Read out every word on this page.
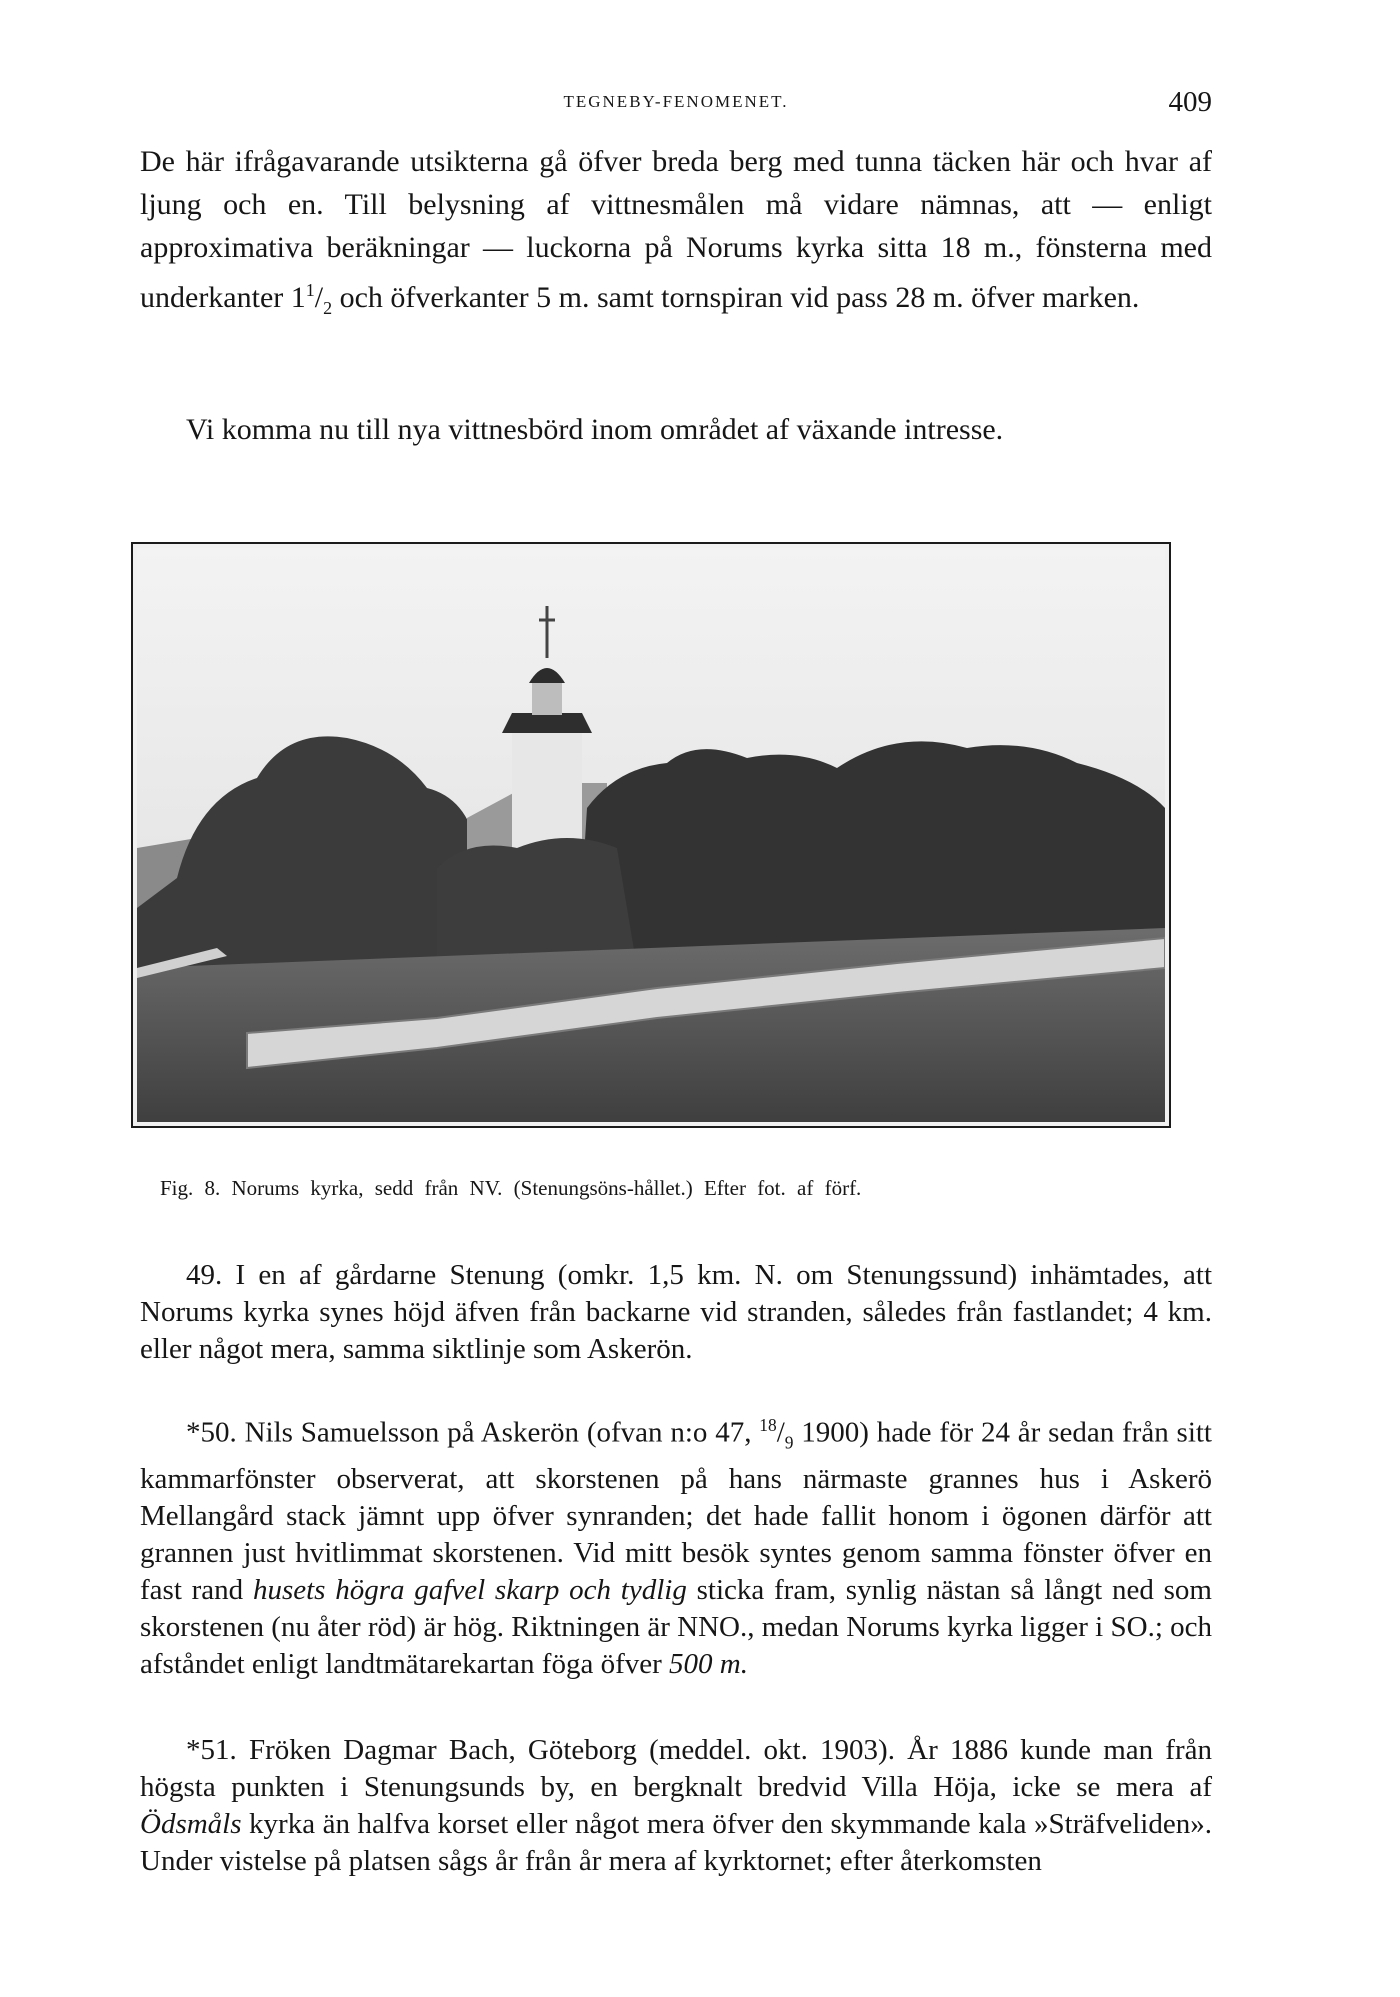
TEGNEBY-FENOMENET.	409

De här ifrågavarande utsikterna gå öfver breda berg med tunna täcken här och hvar af ljung och en. Till belysning af vittnesmålen må vidare nämnas, att — enligt approximativa beräkningar — luckorna på Norums kyrka sitta 18 m., fönsterna med underkanter $1^1/_2$ och öfverkanter 5 m. samt tornspiran vid pass 28 m. öfver marken.

Vi komma nu till nya vittnesbörd inom området af växande intresse.

Fig. 8. Norums kyrka, sedd från NV. (Stenungsöns-hållet.) Efter fot. af förf.

49. I en af gårdarne Stenung (omkr. 1,5 km. N. om Stenungssund) inhämtades, att Norums kyrka synes höjd äfven från backarne vid stranden, således från fastlandet; 4 km. eller något mera, samma siktlinje som Askerön.

*50. Nils Samuelsson på Askerön (ofvan n:o 47, $^{18}/_9$ 1900) hade för 24 år sedan från sitt kammarfönster observerat, att skorstenen på hans närmaste grannes hus i Askerö Mellangård stack jämnt upp öfver synranden; det hade fallit honom i ögonen därför att grannen just hvitlimmat skorstenen. Vid mitt besök syntes genom samma fönster öfver en fast rand husets högra gafvel skarp och tydlig sticka fram, synlig nästan så långt ned som skorstenen (nu åter röd) är hög. Riktningen är NNO., medan Norums kyrka ligger i SO.; och afståndet enligt landtmätarekartan föga öfver 500 m.

*51. Fröken Dagmar Bach, Göteborg (meddel. okt. 1903). År 1886 kunde man från högsta punkten i Stenungsunds by, en bergknalt bredvid Villa Höja, icke se mera af Ödsmåls kyrka än halfva korset eller något mera öfver den skymmande kala »Sträfveliden». Under vistelse på platsen sågs år från år mera af kyrktornet; efter återkomsten
